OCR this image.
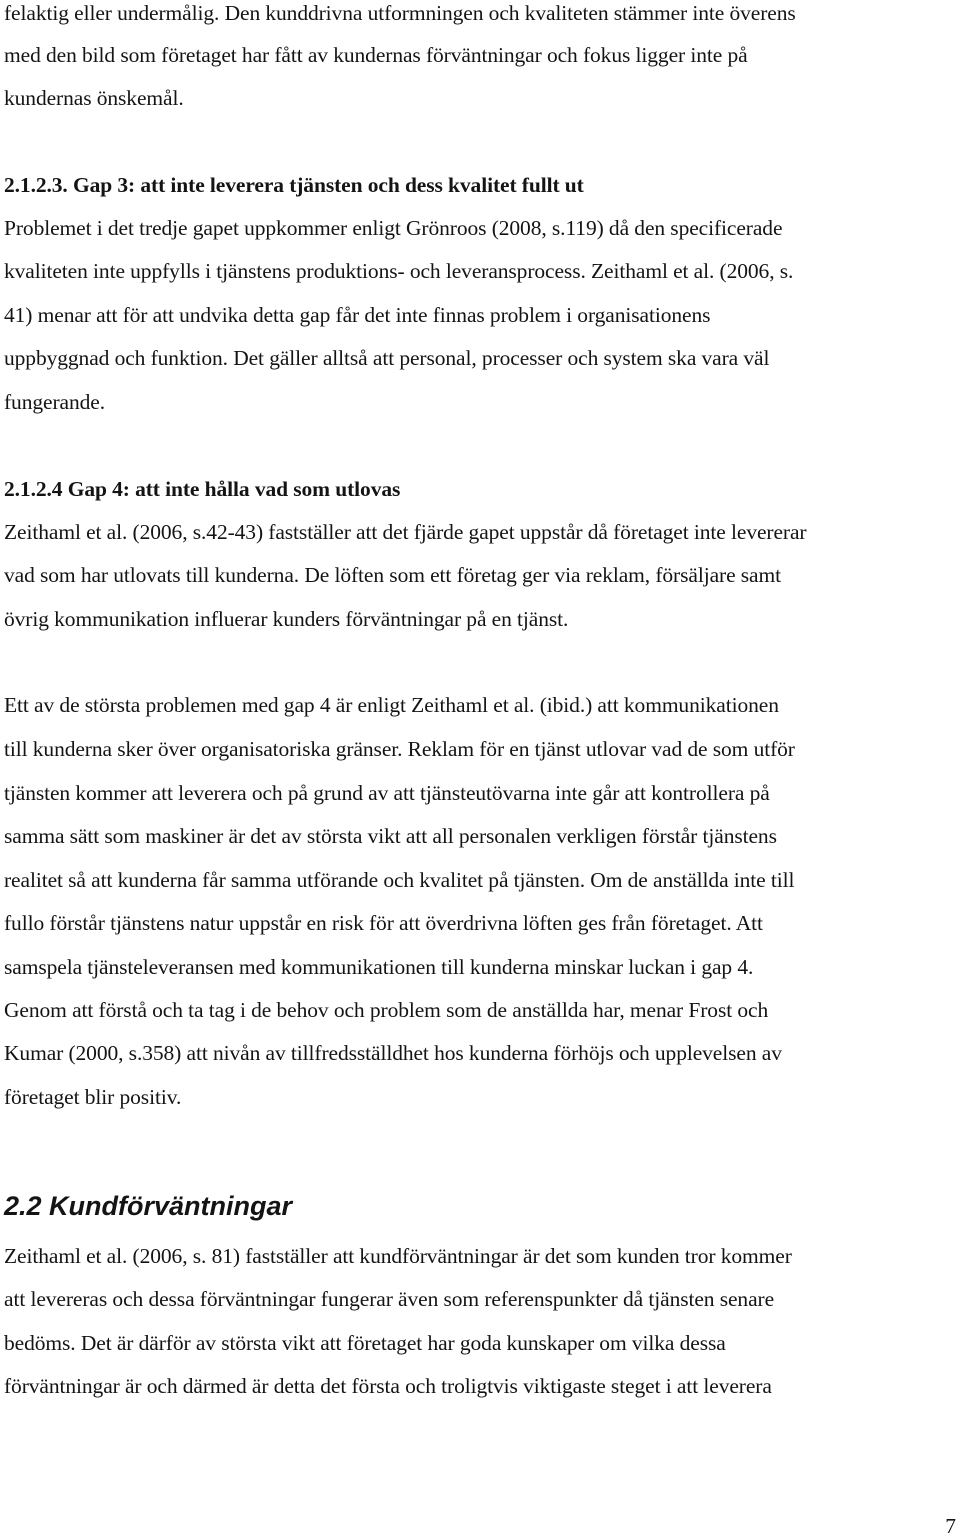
felaktig eller undermålig. Den kunddrivna utformningen och kvaliteten stämmer inte överens
med den bild som företaget har fått av kundernas förväntningar och fokus ligger inte på
kundernas önskemål.
2.1.2.3. Gap 3: att inte leverera tjänsten och dess kvalitet fullt ut
Problemet i det tredje gapet uppkommer enligt Grönroos (2008, s.119) då den specificerade
kvaliteten inte uppfylls i tjänstens produktions- och leveransprocess. Zeithaml et al. (2006, s.
41) menar att för att undvika detta gap får det inte finnas problem i organisationens
uppbyggnad och funktion. Det gäller alltså att personal, processer och system ska vara väl
fungerande.
2.1.2.4 Gap 4: att inte hålla vad som utlovas
Zeithaml et al. (2006, s.42-43) fastställer att det fjärde gapet uppstår då företaget inte levererar
vad som har utlovats till kunderna. De löften som ett företag ger via reklam, försäljare samt
övrig kommunikation influerar kunders förväntningar på en tjänst.
Ett av de största problemen med gap 4 är enligt Zeithaml et al. (ibid.) att kommunikationen
till kunderna sker över organisatoriska gränser. Reklam för en tjänst utlovar vad de som utför
tjänsten kommer att leverera och på grund av att tjänsteutövarna inte går att kontrollera på
samma sätt som maskiner är det av största vikt att all personalen verkligen förstår tjänstens
realitet så att kunderna får samma utförande och kvalitet på tjänsten. Om de anställda inte till
fullo förstår tjänstens natur uppstår en risk för att överdrivna löften ges från företaget. Att
samspela tjänsteleveransen med kommunikationen till kunderna minskar luckan i gap 4.
Genom att förstå och ta tag i de behov och problem som de anställda har, menar Frost och
Kumar (2000, s.358) att nivån av tillfredsställdhet hos kunderna förhöjs och upplevelsen av
företaget blir positiv.
2.2 Kundförväntningar
Zeithaml et al. (2006, s. 81) fastställer att kundförväntningar är det som kunden tror kommer
att levereras och dessa förväntningar fungerar även som referenspunkter då tjänsten senare
bedöms. Det är därför av största vikt att företaget har goda kunskaper om vilka dessa
förväntningar är och därmed är detta det första och troligtvis viktigaste steget i att leverera
7
